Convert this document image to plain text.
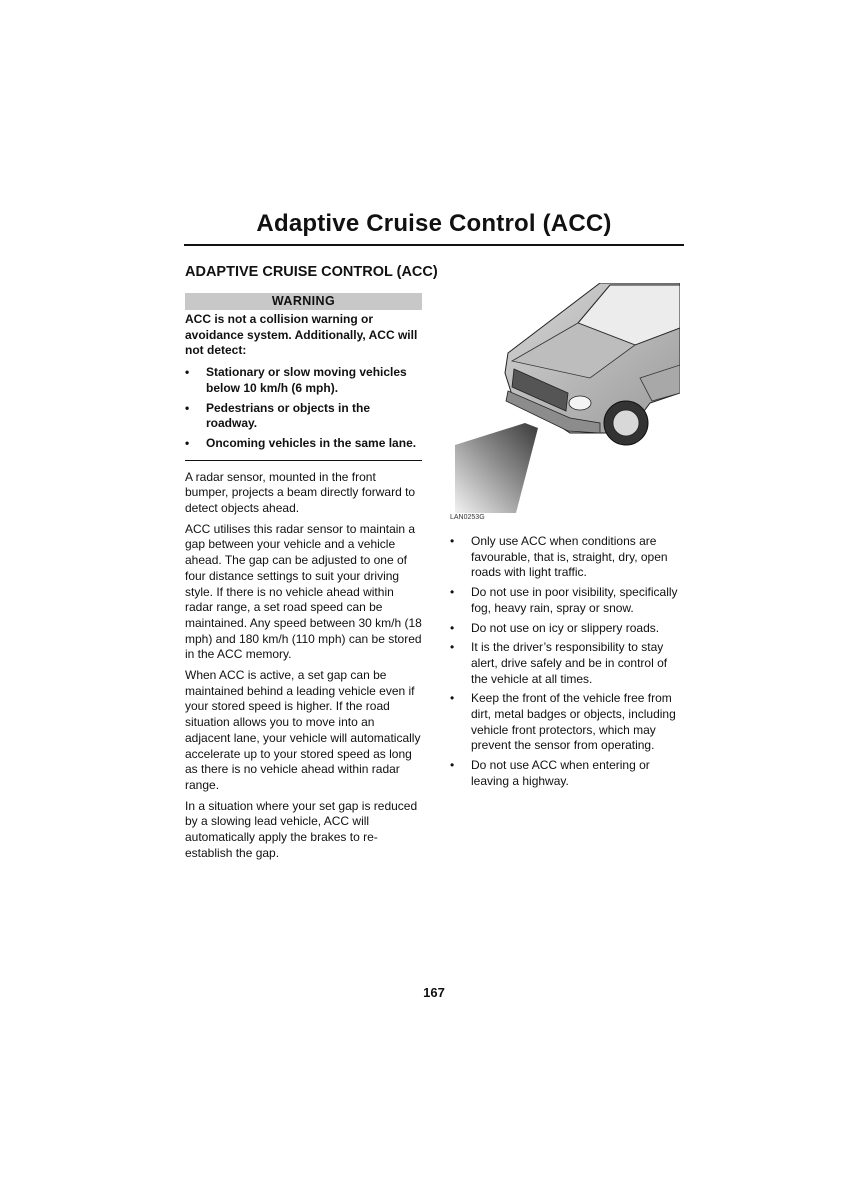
Adaptive Cruise Control (ACC)
ADAPTIVE CRUISE CONTROL (ACC)
WARNING
ACC is not a collision warning or avoidance system. Additionally, ACC will not detect:
• Stationary or slow moving vehicles below 10 km/h (6 mph).
• Pedestrians or objects in the roadway.
• Oncoming vehicles in the same lane.

A radar sensor, mounted in the front bumper, projects a beam directly forward to detect objects ahead.

ACC utilises this radar sensor to maintain a gap between your vehicle and a vehicle ahead. The gap can be adjusted to one of four distance settings to suit your driving style. If there is no vehicle ahead within radar range, a set road speed can be maintained. Any speed between 30 km/h (18 mph) and 180 km/h (110 mph) can be stored in the ACC memory.

When ACC is active, a set gap can be maintained behind a leading vehicle even if your stored speed is higher. If the road situation allows you to move into an adjacent lane, your vehicle will automatically accelerate up to your stored speed as long as there is no vehicle ahead within radar range.

In a situation where your set gap is reduced by a slowing lead vehicle, ACC will automatically apply the brakes to re-establish the gap.

LAN0253G
• Only use ACC when conditions are favourable, that is, straight, dry, open roads with light traffic.
• Do not use in poor visibility, specifically fog, heavy rain, spray or snow.
• Do not use on icy or slippery roads.
• It is the driver’s responsibility to stay alert, drive safely and be in control of the vehicle at all times.
• Keep the front of the vehicle free from dirt, metal badges or objects, including vehicle front protectors, which may prevent the sensor from operating.
• Do not use ACC when entering or leaving a highway.
167
